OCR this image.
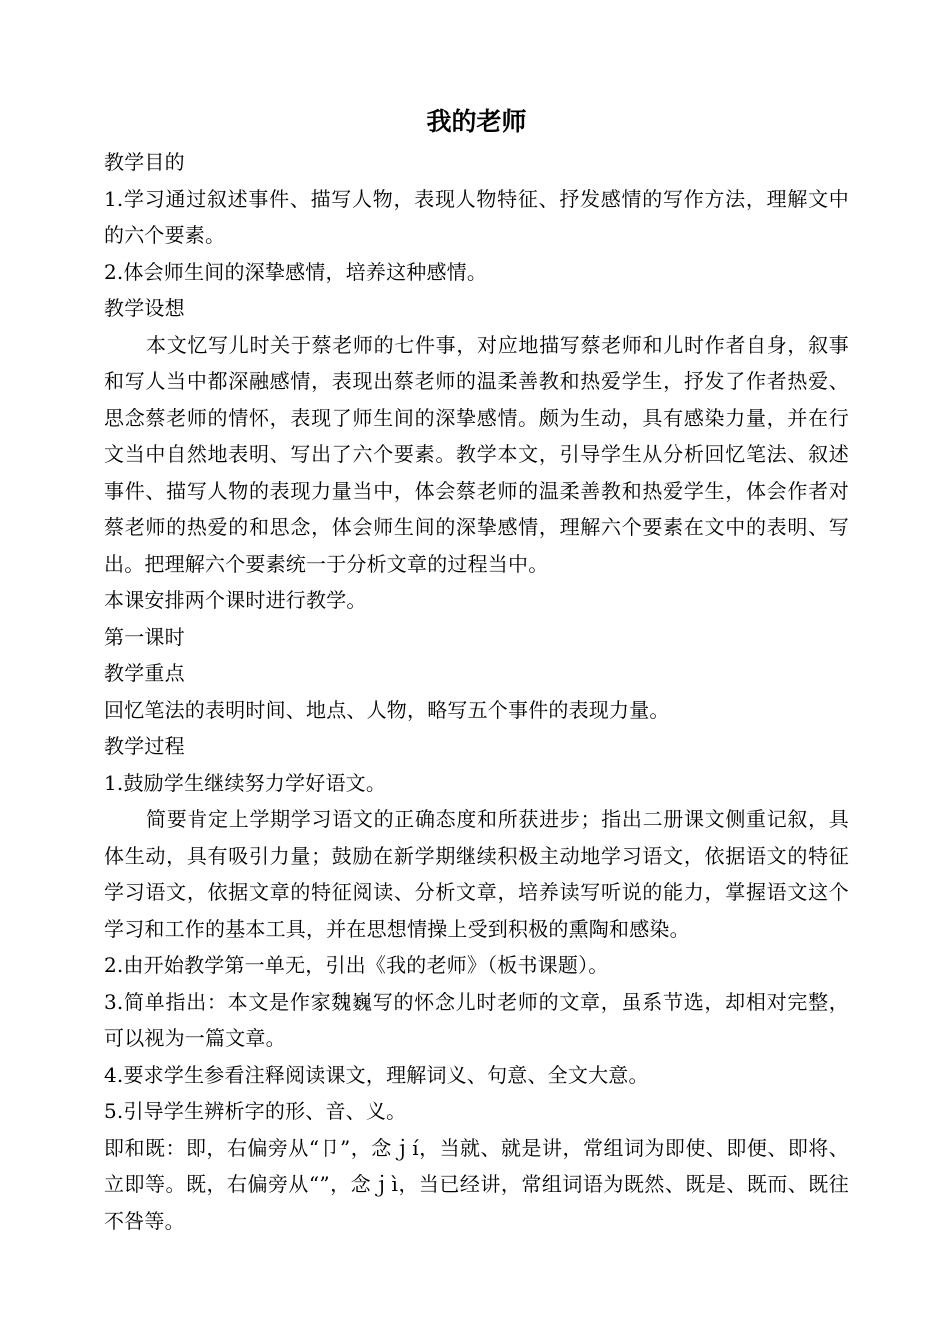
我的老师

教学目的

1.学习通过叙述事件、描写人物，表现人物特征、抒发感情的写作方法，理解文中的六个要素。

2.体会师生间的深挚感情，培养这种感情。

教学设想

本文忆写儿时关于蔡老师的七件事，对应地描写蔡老师和儿时作者自身，叙事和写人当中都深融感情，表现出蔡老师的温柔善教和热爱学生，抒发了作者热爱、思念蔡老师的情怀，表现了师生间的深挚感情。颇为生动，具有感染力量，并在行文当中自然地表明、写出了六个要素。教学本文，引导学生从分析回忆笔法、叙述事件、描写人物的表现力量当中，体会蔡老师的温柔善教和热爱学生，体会作者对蔡老师的热爱的和思念，体会师生间的深挚感情，理解六个要素在文中的表明、写出。把理解六个要素统一于分析文章的过程当中。

本课安排两个课时进行教学。

第一课时

教学重点

回忆笔法的表明时间、地点、人物，略写五个事件的表现力量。

教学过程

1.鼓励学生继续努力学好语文。

简要肯定上学期学习语文的正确态度和所获进步；指出二册课文侧重记叙，具体生动，具有吸引力量；鼓励在新学期继续积极主动地学习语文，依据语文的特征学习语文，依据文章的特征阅读、分析文章，培养读写听说的能力，掌握语文这个学习和工作的基本工具，并在思想情操上受到积极的熏陶和感染。

2.由开始教学第一单无，引出《我的老师》（板书课题）。

3.简单指出：本文是作家魏巍写的怀念儿时老师的文章，虽系节选，却相对完整，可以视为一篇文章。

4.要求学生参看注释阅读课文，理解词义、句意、全文大意。

5.引导学生辨析字的形、音、义。

即和既：即，右偏旁从“卩”，念ｊí，当就、就是讲，常组词为即使、即便、即将、立即等。既，右偏旁从“”，念ｊì，当已经讲，常组词语为既然、既是、既而、既往不咎等。
